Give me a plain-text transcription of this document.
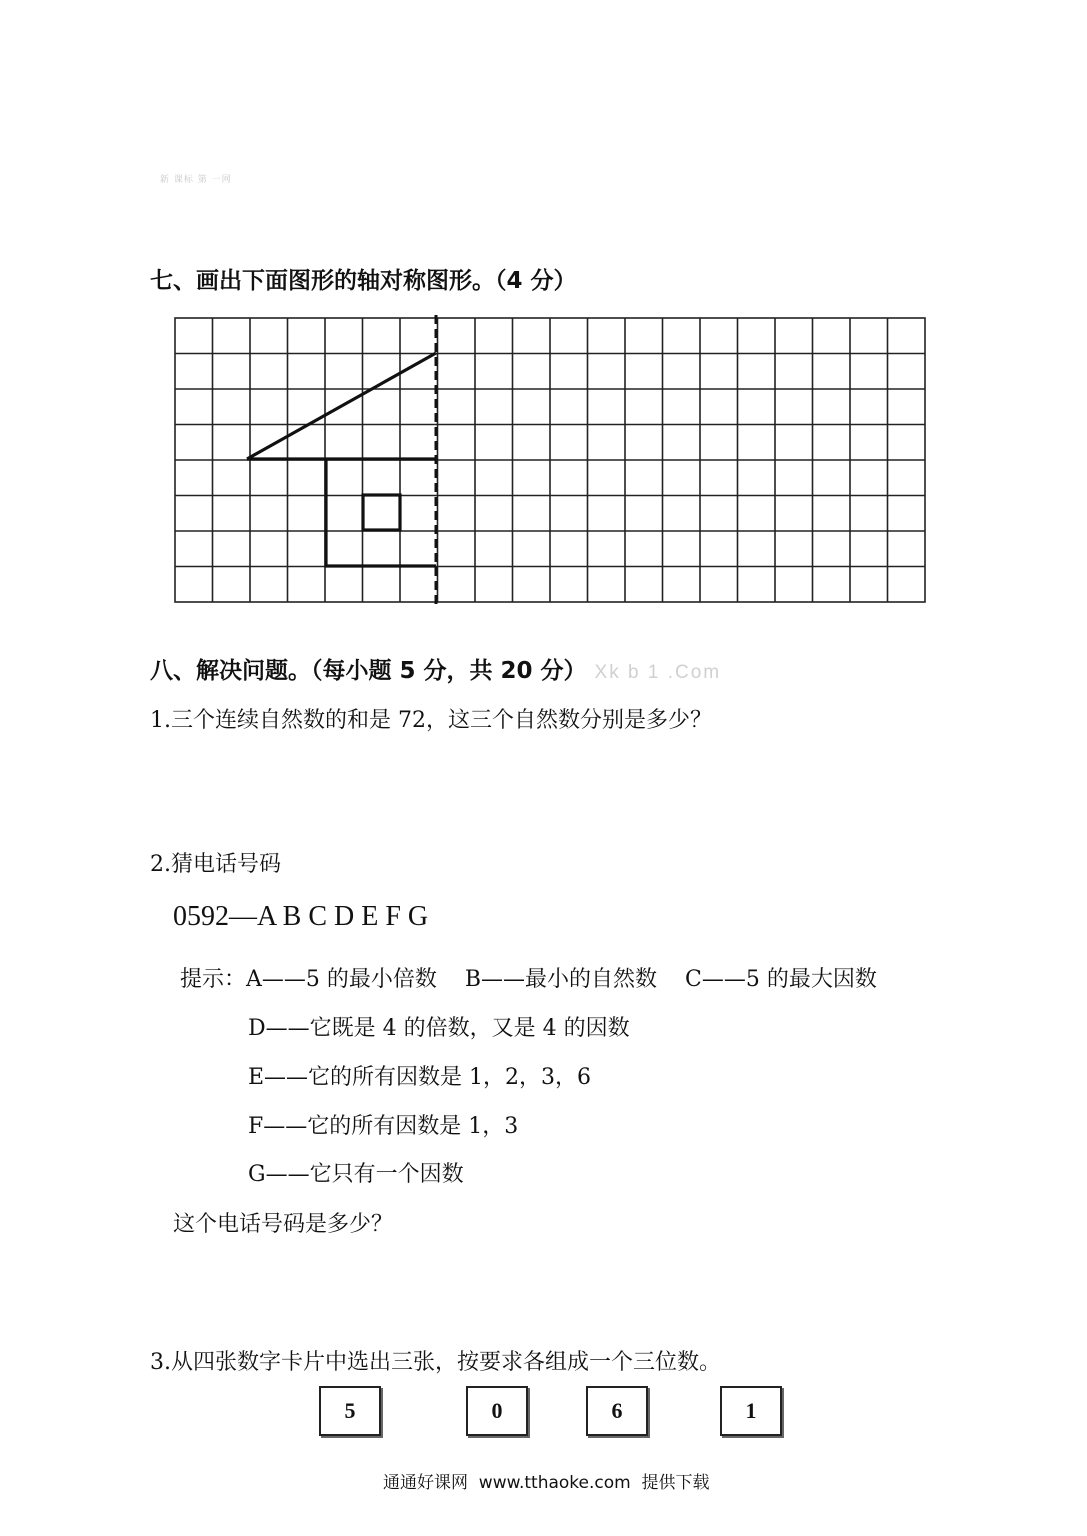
新 课标 第 一网
七、画出下面图形的轴对称图形。（4 分）
八、解决问题。（每小题 5 分，共 20 分） Xk b 1 .Com
1.三个连续自然数的和是 72，这三个自然数分别是多少？
2.猜电话号码
0592—A B C D E F G
提示：A——5 的最小倍数    B——最小的自然数    C——5 的最大因数
D——它既是 4 的倍数，又是 4 的因数
E——它的所有因数是 1，2，3，6
F——它的所有因数是 1，3
G——它只有一个因数
这个电话号码是多少？
3.从四张数字卡片中选出三张，按要求各组成一个三位数。
5	0	6	1
通通好课网  www.tthaoke.com  提供下载
